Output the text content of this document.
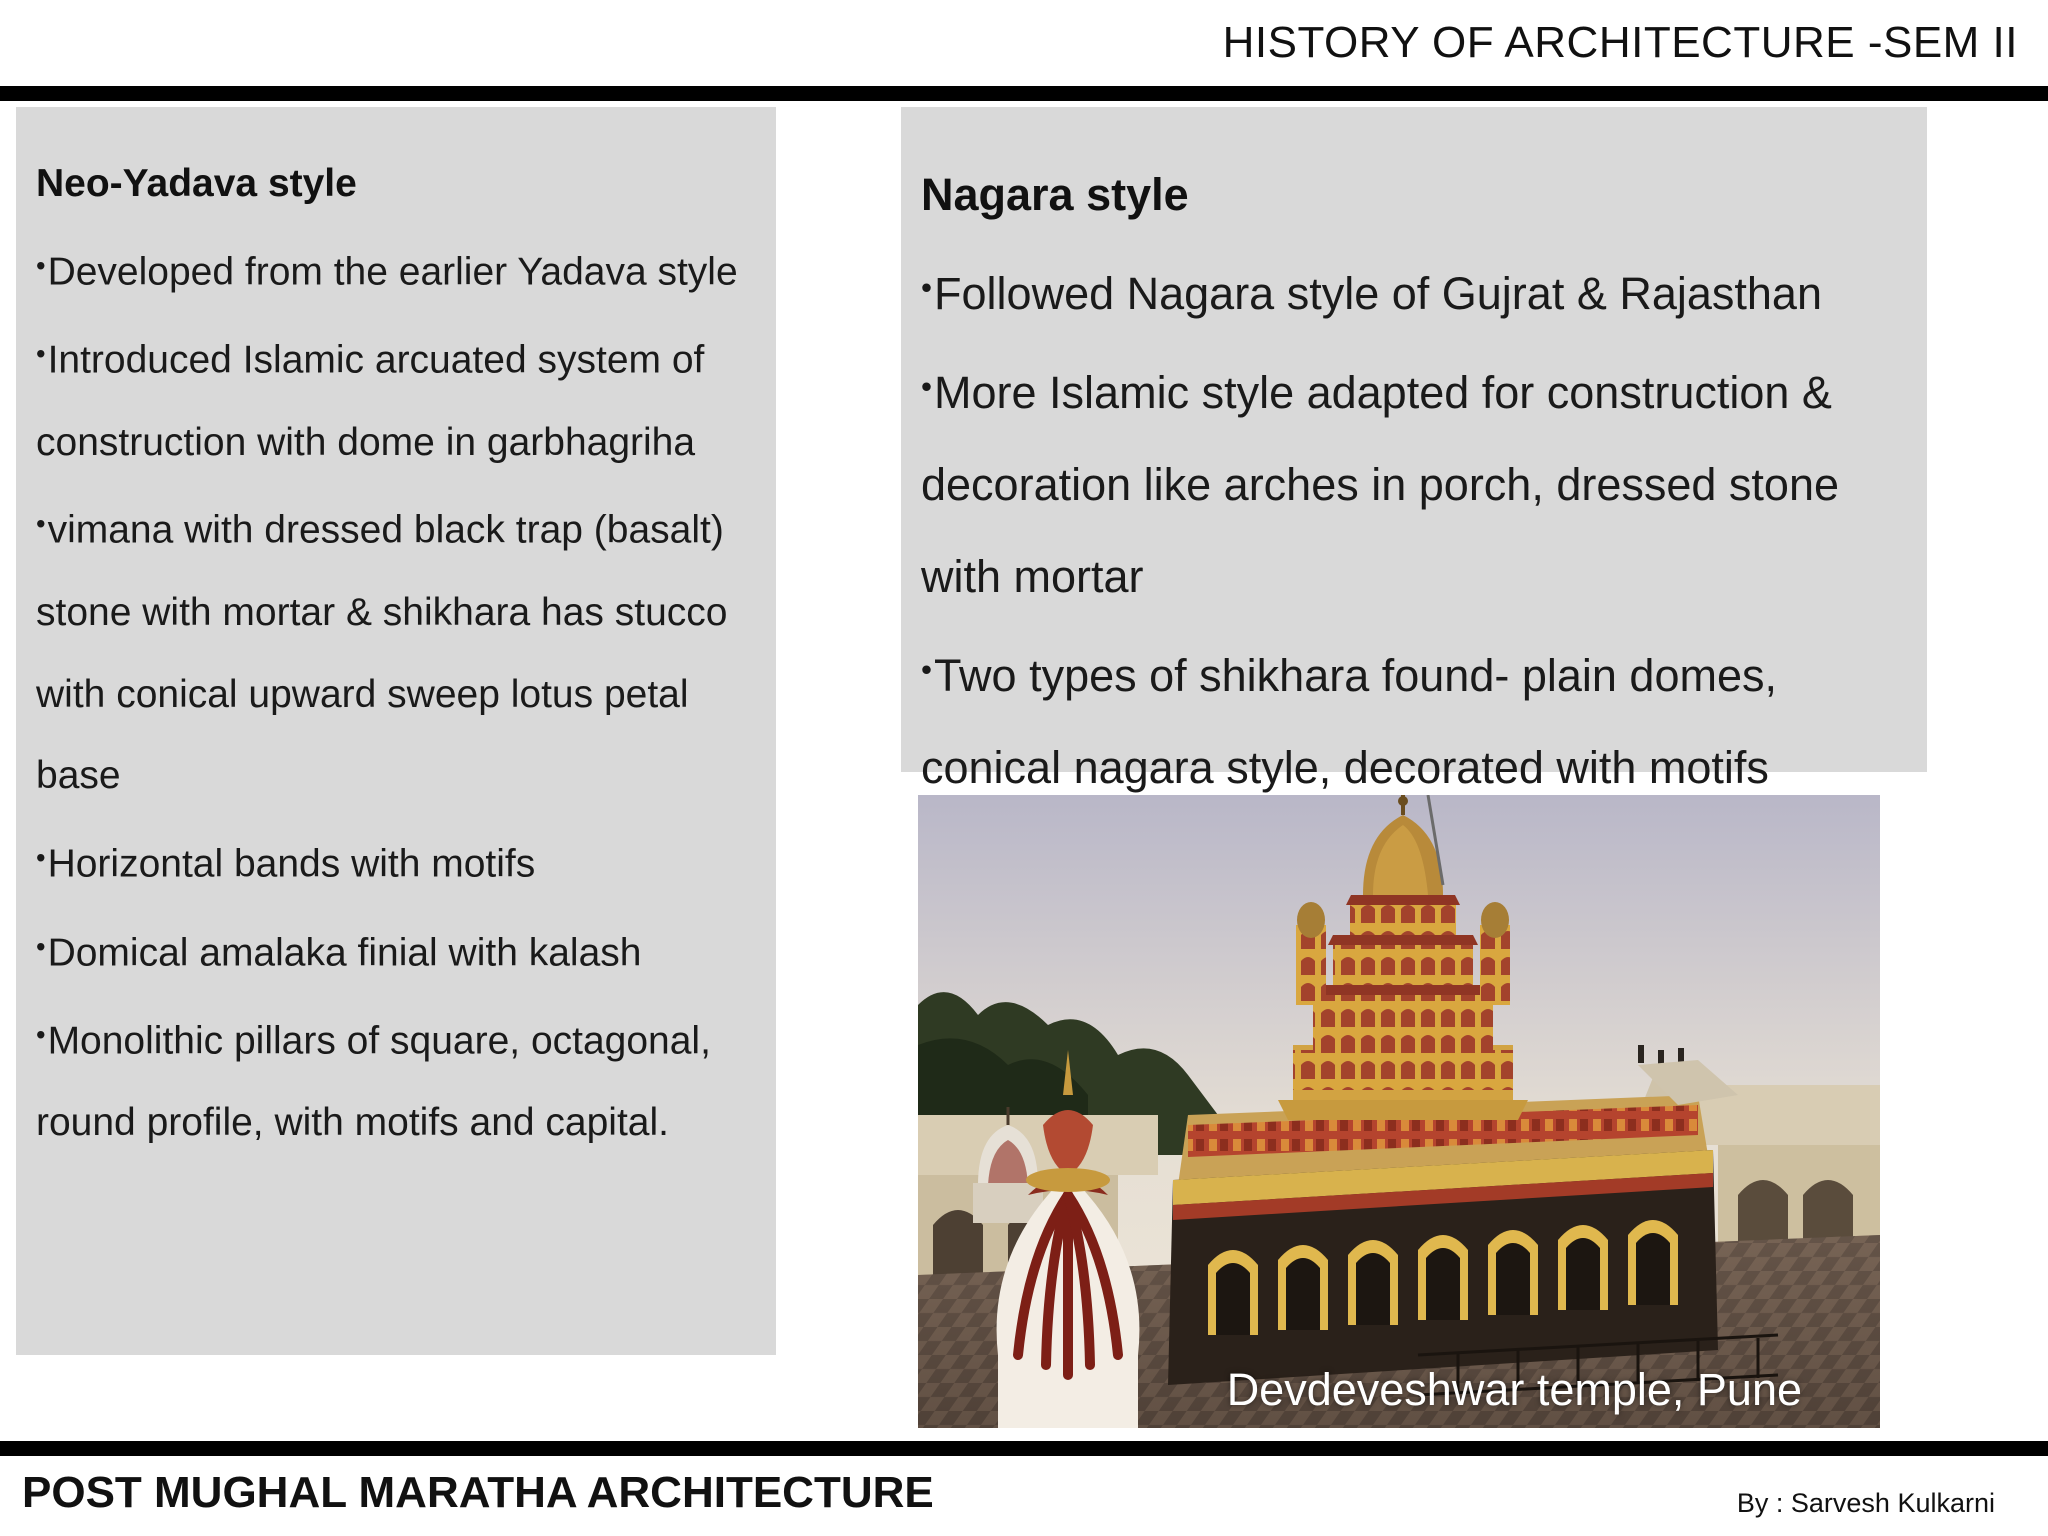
HISTORY OF ARCHITECTURE -SEM II
Neo-Yadava style
•Developed from the earlier Yadava style
•Introduced Islamic arcuated system of construction with dome in garbhagriha
•vimana with dressed black trap (basalt) stone with mortar & shikhara has stucco with conical upward sweep lotus petal base
•Horizontal bands with motifs
•Domical amalaka finial with kalash
•Monolithic pillars of square, octagonal, round profile, with motifs and capital.
Nagara style
•Followed Nagara style of Gujrat & Rajasthan
•More Islamic style adapted for construction & decoration like arches in porch, dressed stone with mortar
•Two types of shikhara found- plain domes, conical nagara style, decorated with motifs
Devdeveshwar temple, Pune
POST MUGHAL MARATHA ARCHITECTURE	By : Sarvesh Kulkarni
